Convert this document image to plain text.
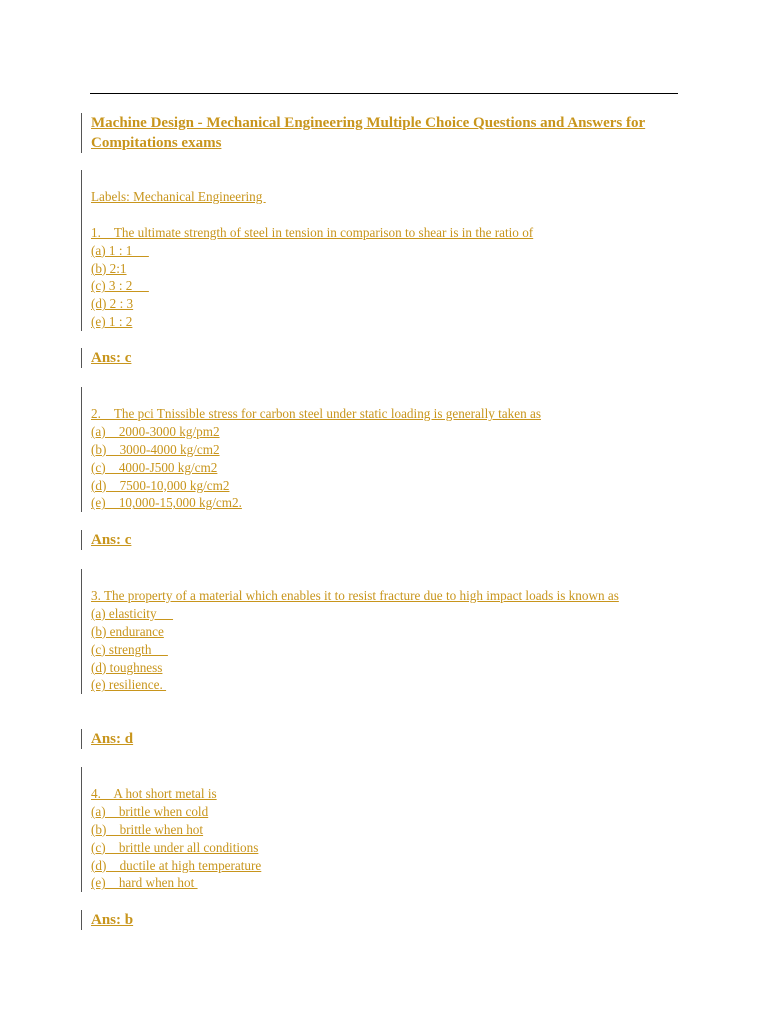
Machine Design - Mechanical Engineering Multiple Choice Questions and Answers for Compitations exams
Labels: Mechanical Engineering
1.    The ultimate strength of steel in tension in comparison to shear is in the ratio of
(a) 1 : 1
(b) 2:1
(c) 3 : 2
(d) 2 : 3
(e) 1 : 2
Ans: c
2.    The pci Tnissible stress for carbon steel under static loading is generally taken as
(a)    2000-3000 kg/pm2
(b)    3000-4000 kg/cm2
(c)    4000-J500 kg/cm2
(d)    7500-10,000 kg/cm2
(e)    10,000-15,000 kg/cm2.
Ans: c
3. The property of a material which enables it to resist fracture due to high impact loads is known as
(a) elasticity
(b) endurance
(c) strength
(d) toughness
(e) resilience.
Ans: d
4.    A hot short metal is
(a)    brittle when cold
(b)    brittle when hot
(c)    brittle under all conditions
(d)    ductile at high temperature
(e)    hard when hot
Ans: b
